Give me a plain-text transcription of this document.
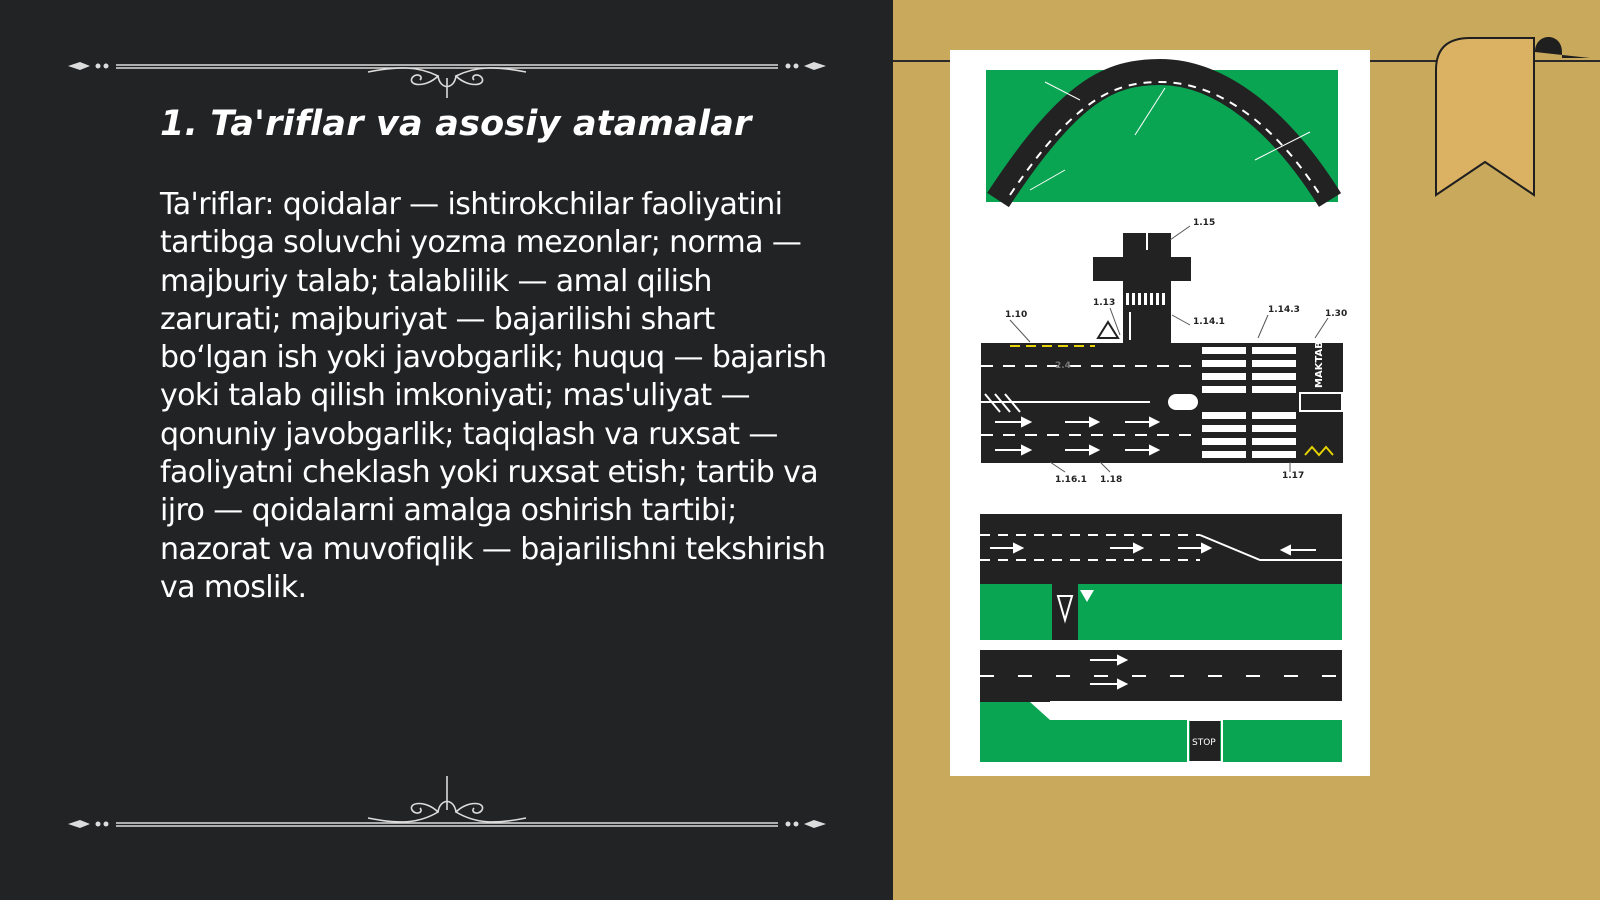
1. Ta'riflar va asosiy atamalar

Ta'riflar: qoidalar — ishtirokchilar faoliyatini tartibga soluvchi yozma mezonlar; norma — majburiy talab; talablilik — amal qilish zarurati; majburiyat — bajarilishi shart bo‘lgan ish yoki javobgarlik; huquq — bajarish yoki talab qilish imkoniyati; mas'uliyat — qonuniy javobgarlik; taqiqlash va ruxsat — faoliyatni cheklash yoki ruxsat etish; tartib va ijro — qoidalarni amalga oshirish tartibi; nazorat va muvofiqlik — bajarilishni tekshirish va moslik.

1.15
1.13
1.14.1
1.14.3	1.30
1.10
2.4
1.16.1 1.18	1.17
MAKTAB
STOP
